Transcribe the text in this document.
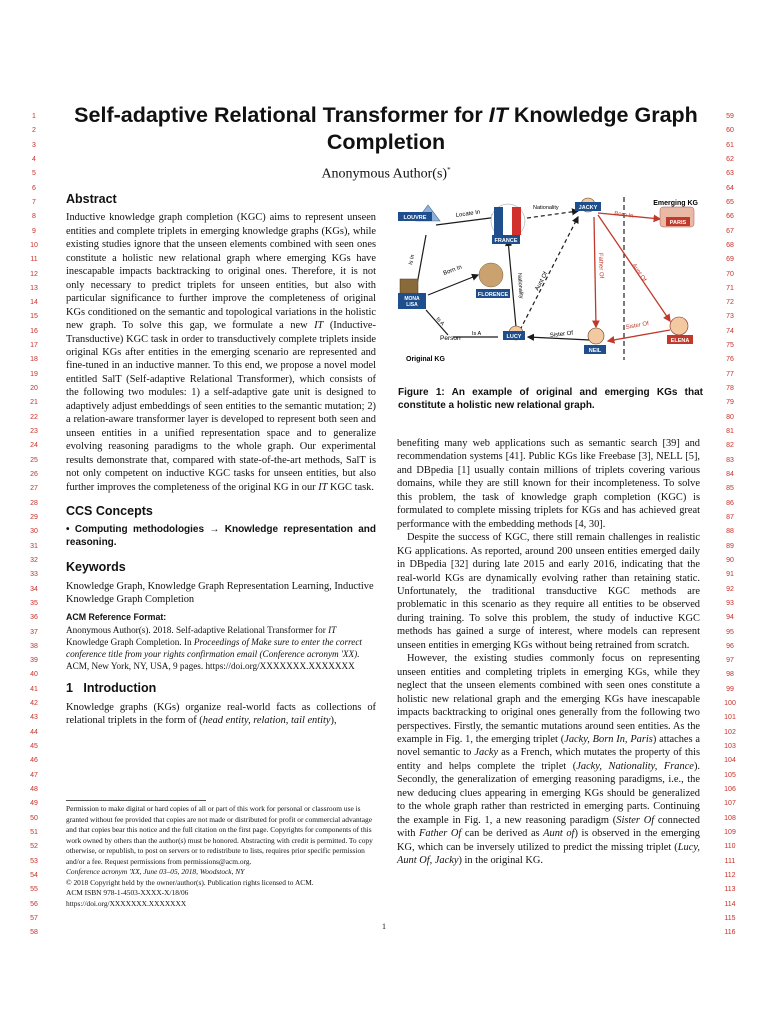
1
2
3
4
5
6
7
8
9
10
11
12
13
14
15
16
17
18
19
20
21
22
23
24
25
26
27
28
29
30
31
32
33
34
35
36
37
38
39
40
41
42
43
44
45
46
47
48
49
50
51
52
53
54
55
56
57
58
59
60
61
62
63
64
65
66
67
68
69
70
71
72
73
74
75
76
77
78
79
80
81
82
83
84
85
86
87
88
89
90
91
92
93
94
95
96
97
98
99
100
101
102
103
104
105
106
107
108
109
110
111
112
113
114
115
116
Self-adaptive Relational Transformer for IT Knowledge Graph Completion
Anonymous Author(s)*
Abstract

Inductive knowledge graph completion (KGC) aims to represent unseen entities and complete triplets in emerging knowledge graphs (KGs), while existing studies ignore that the unseen elements combined with seen ones constitute a holistic new relational graph where emerging KGs have inescapable impacts backtracking to original ones. Therefore, it is not only necessary to predict triplets for unseen entities, but also with particular significance to further improve the completeness of original KGs conditioned on the semantic and topological variations in the holistic new graph. To solve this gap, we formulate a new IT (Inductive-Transductive) KGC task in order to transductively complete triplets inside original KGs after entities in the emerging scenario are represented and fine-tuned in an inductive manner. To this end, we propose a novel model entitled SalT (Self-adaptive Relational Transformer), which consists of the following two modules: 1) a self-adaptive gate unit is designed to adaptively adjust embeddings of seen entities to the semantic mutation; 2) a relation-aware transformer layer is developed to represent both seen and unseen entities in a unified representation space and to generalize evolving reasoning paradigms to the whole graph. Our experimental results demonstrate that, compared with state-of-the-art methods, SalT is not only competent on inductive KGC tasks for unseen entities, but also further improves the completeness of the original KG in our IT KGC task.

CCS Concepts

• Computing methodologies → Knowledge representation and reasoning.

Keywords

Knowledge Graph, Knowledge Graph Representation Learning, Inductive Knowledge Graph Completion

ACM Reference Format:

Anonymous Author(s). 2018. Self-adaptive Relational Transformer for IT Knowledge Graph Completion. In Proceedings of Make sure to enter the correct conference title from your rights confirmation email (Conference acronym 'XX). ACM, New York, NY, USA, 9 pages. https://doi.org/XXXXXXX.XXXXXXX

1 Introduction

Knowledge graphs (KGs) organize real-world facts as collections of relational triplets in the form of (head entity, relation, tail entity),

Permission to make digital or hard copies of all or part of this work for personal or classroom use is granted without fee provided that copies are not made or distributed for profit or commercial advantage and that copies bear this notice and the full citation on the first page. Copyrights for components of this work owned by others than the author(s) must be honored. Abstracting with credit is permitted. To copy otherwise, or republish, to post on servers or to redistribute to lists, requires prior specific permission and/or a fee. Request permissions from permissions@acm.org.
Conference acronym 'XX, June 03–05, 2018, Woodstock, NY
© 2018 Copyright held by the owner/author(s). Publication rights licensed to ACM.
ACM ISBN 978-1-4503-XXXX-X/18/06
https://doi.org/XXXXXXX.XXXXXXX
Locate In
Nationality
Born In
Is In
Born In
Is A
Is A
Nationality Aunt Of
Father Of	Aunt Of
Sister Of
Sister Of
LOUVRE
FRANCE
JACKY
PARIS
Emerging KG
MONA
LISA
FLORENCE
Person	LUCY
NEIL
ELENA
Original KG
Figure 1: An example of original and emerging KGs that constitute a holistic new relational graph.

benefiting many web applications such as semantic search [39] and recommendation systems [41]. Public KGs like Freebase [3], NELL [5], and DBpedia [1] usually contain millions of triplets covering various domains, while they are still known for their incompleteness. To solve this problem, the task of knowledge graph completion (KGC) is formulated to complete missing triplets for KGs and has achieved great performance with the embedding methods [4, 30].

Despite the success of KGC, there still remain challenges in realistic KG applications. As reported, around 200 unseen entities emerged daily in DBpedia [32] during late 2015 and early 2016, indicating that the real-world KGs are dynamically evolving rather than retaining static. Unfortunately, the traditional transductive KGC methods are problematic in this scenario as they require all entities to be observed during training. To solve this problem, the study of inductive KGC methods has gained a surge of interest, where models can represent unseen entities in emerging KGs without being retrained from scratch.

However, the existing studies commonly focus on representing unseen entities and completing triplets in emerging KGs, while they neglect that the unseen elements combined with seen ones constitute a holistic new relational graph and the emerging KGs have inescapable impacts backtracking to original ones generally from the following two perspectives. Firstly, the semantic mutations around seen entities. As the example in Fig. 1, the emerging triplet (Jacky, Born In, Paris) attaches a novel semantic to Jacky as a French, which mutates the property of this entity and helps complete the triplet (Jacky, Nationality, France). Secondly, the generalization of emerging reasoning paradigms, i.e., the new deducing clues appearing in emerging KGs should be generalized to the whole graph rather than restricted in emerging parts. Continuing the example in Fig. 1, a new reasoning paradigm (Sister Of connected with Father Of can be derived as Aunt of) is observed in the emerging KG, which can be inversely utilized to predict the missing triplet (Lucy, Aunt Of, Jacky) in the original KG.

1
